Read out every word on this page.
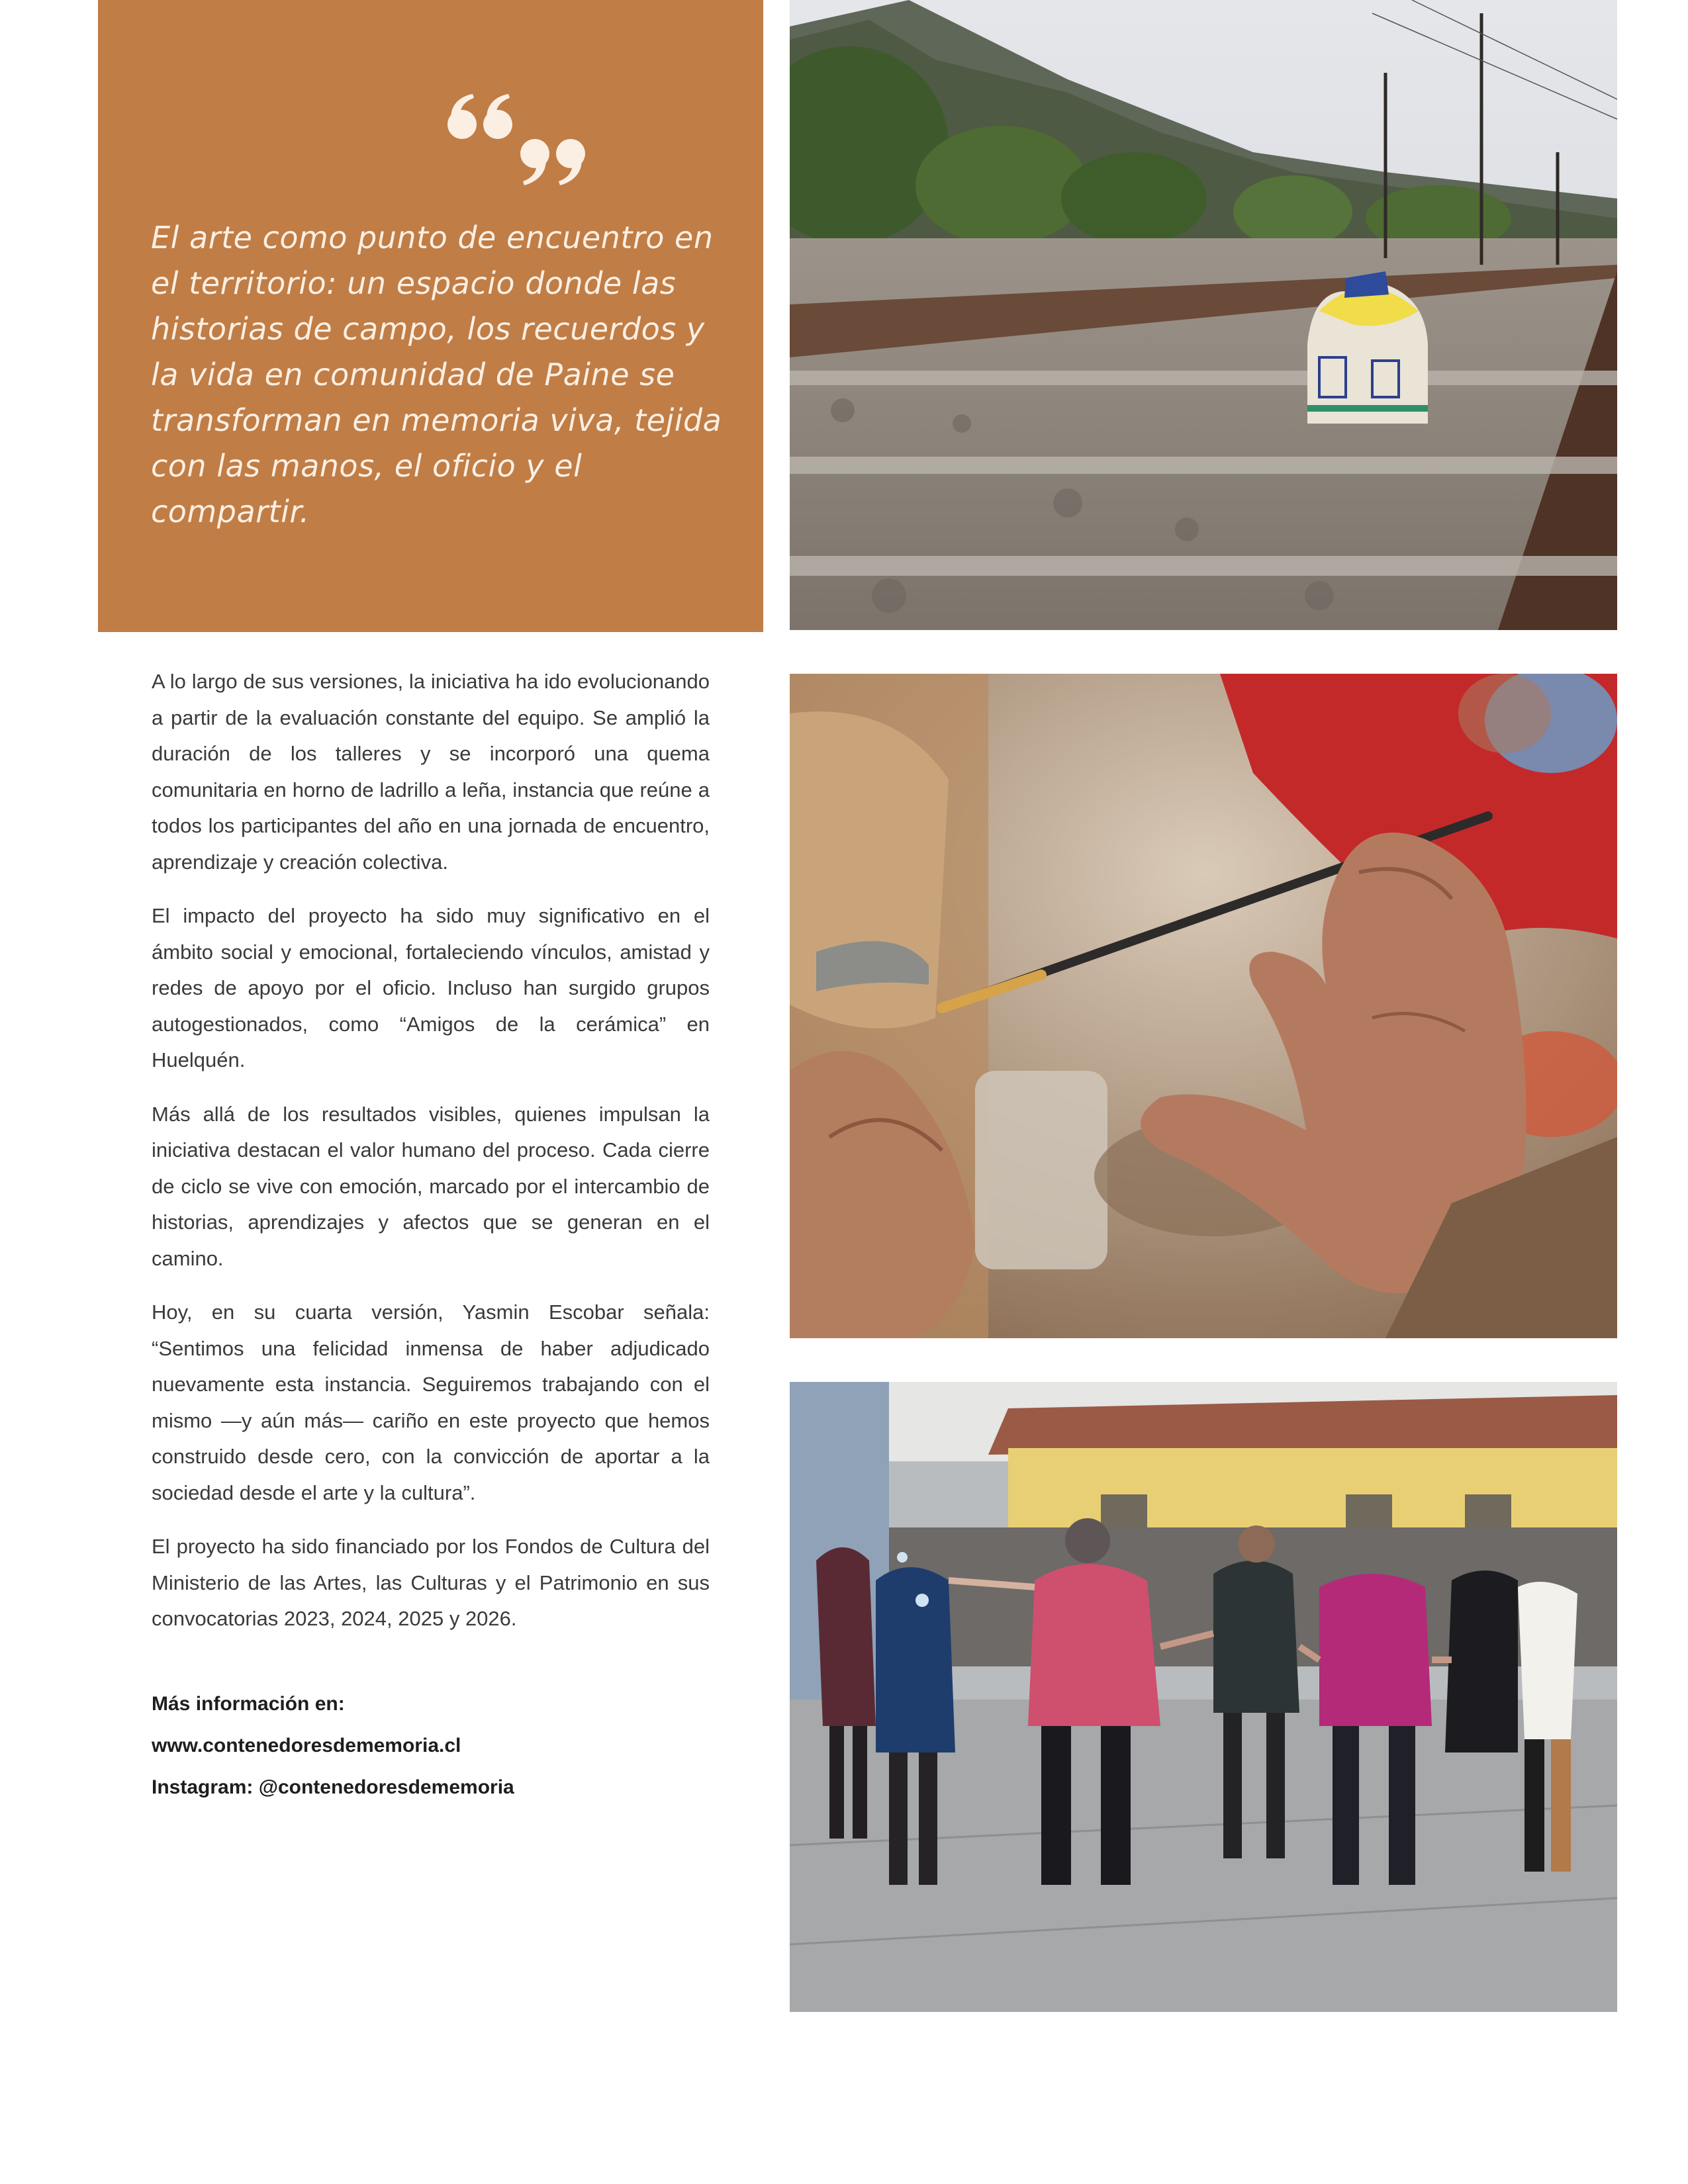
El arte como punto de encuentro en el territorio: un espacio donde las historias de campo, los recuerdos y la vida en comunidad de Paine se transforman en memoria viva, tejida con las manos, el oficio y el compartir.

A lo largo de sus versiones, la iniciativa ha ido evolucionando a partir de la evaluación constante del equipo. Se amplió la duración de los talleres y se incorporó una quema comunitaria en horno de ladrillo a leña, instancia que reúne a todos los participantes del año en una jornada de encuentro, aprendizaje y creación colectiva.

El impacto del proyecto ha sido muy significativo en el ámbito social y emocional, fortaleciendo vínculos, amistad y redes de apoyo por el oficio. Incluso han surgido grupos autogestionados, como “Amigos de la cerámica” en Huelquén.

Más allá de los resultados visibles, quienes impulsan la iniciativa destacan el valor humano del proceso. Cada cierre de ciclo se vive con emoción, marcado por el intercambio de historias, aprendizajes y afectos que se generan en el camino.

Hoy, en su cuarta versión, Yasmin Escobar señala: “Sentimos una felicidad inmensa de haber adjudicado nuevamente esta instancia. Seguiremos trabajando con el mismo —y aún más— cariño en este proyecto que hemos construido desde cero, con la convicción de aportar a la sociedad desde el arte y la cultura”.

El proyecto ha sido financiado por los Fondos de Cultura del Ministerio de las Artes, las Culturas y el Patrimonio en sus convocatorias 2023, 2024, 2025 y 2026.

Más información en:
www.contenedoresdememoria.cl
Instagram: @contenedoresdememoria
